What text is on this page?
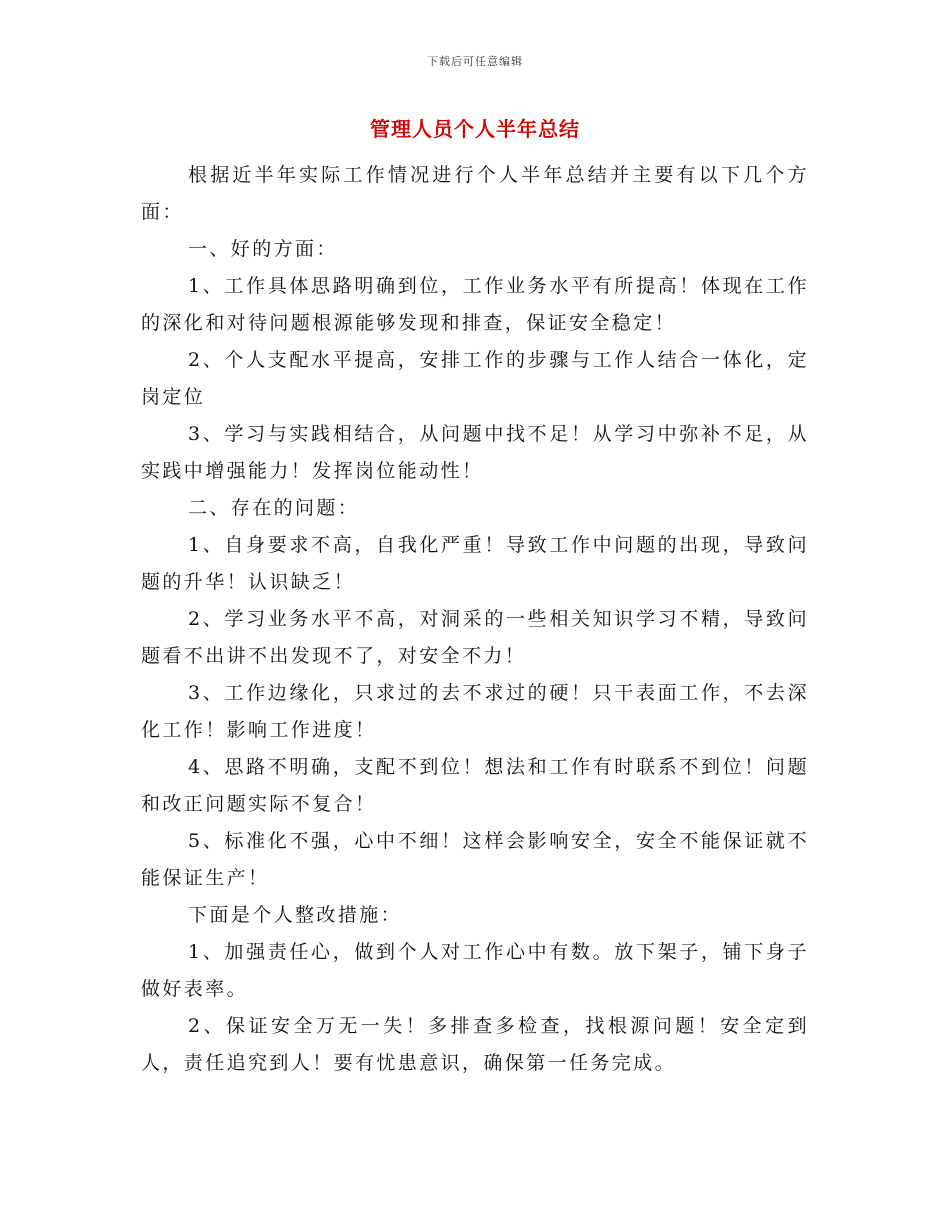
下载后可任意编辑
管理人员个人半年总结

根据近半年实际工作情况进行个人半年总结并主要有以下几个方面：

一、好的方面：

1、工作具体思路明确到位，工作业务水平有所提高！体现在工作的深化和对待问题根源能够发现和排查，保证安全稳定！

2、个人支配水平提高，安排工作的步骤与工作人结合一体化，定岗定位

3、学习与实践相结合，从问题中找不足！从学习中弥补不足，从实践中增强能力！发挥岗位能动性！

二、存在的问题：

1、自身要求不高，自我化严重！导致工作中问题的出现，导致问题的升华！认识缺乏！

2、学习业务水平不高，对洞采的一些相关知识学习不精，导致问题看不出讲不出发现不了，对安全不力！

3、工作边缘化，只求过的去不求过的硬！只干表面工作，不去深化工作！影响工作进度！

4、思路不明确，支配不到位！想法和工作有时联系不到位！问题和改正问题实际不复合！

5、标准化不强，心中不细！这样会影响安全，安全不能保证就不能保证生产！

下面是个人整改措施：

1、加强责任心，做到个人对工作心中有数。放下架子，铺下身子做好表率。

2、保证安全万无一失！多排查多检查，找根源问题！安全定到人，责任追究到人！要有忧患意识，确保第一任务完成。
